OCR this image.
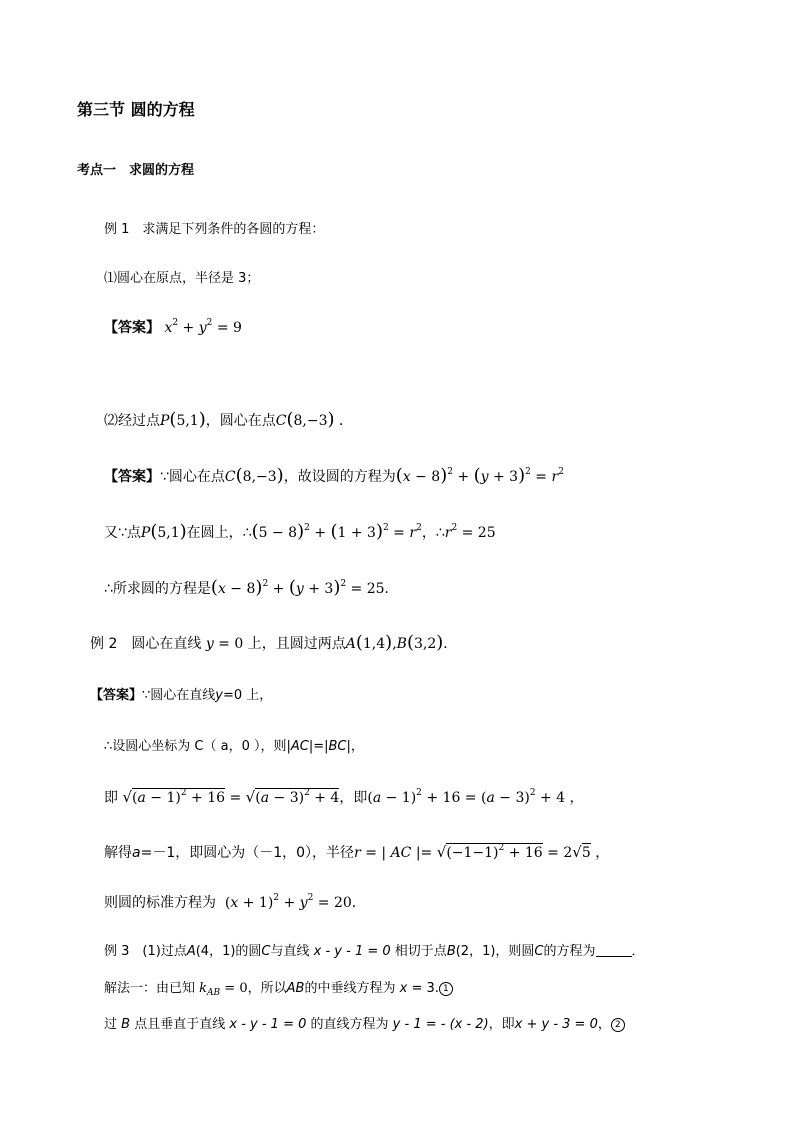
第三节 圆的方程
考点一　求圆的方程
例 1　求满足下列条件的各圆的方程：
⑴圆心在原点，半径是 3；
【答案】 $x^2 + y^2 = 9$
⑵经过点P(5,1)，圆心在点C(8,−3) ．
【答案】∵圆心在点C(8,−3)，故设圆的方程为$(x - 8)^2 + (y + 3)^2 = r^2$
又∵点P(5,1)在圆上，∴(5 − $8)^2 + (1 + 3)^2 = r^2$，$\therefore r^2 = 25$
∴所求圆的方程是$(x - 8)^2 + (y + 3)^2 = 25$．
例 2　圆心在直线 y = 0 上，且圆过两点A(1,4),B(3,2)．
【答案】∵圆心在直线y=0 上，
∴设圆心坐标为 C（ a，0 ），则|AC|=|BC|，
即 $√(a - 1)^2 + 16 = √(a - 3)^2 + 4$，即$(a - 1)^2 + 16 = (a - 3)^2 + 4$ ，
解得a=－1，即圆心为（－1，0），半径r = | AC |= $√(-1-1)^2 + 16 = 2√5$ ，
则圆的标准方程为 $(x + 1)^2 + y^2 = 20$．
例 3　(1)过点A(4，1)的圆C与直线 x - y - 1 = 0 相切于点B(2，1)，则圆C的方程为	．
解法一：由已知 $k_{AB} = 0$，所以AB的中垂线方程为 x = 3. 1
过 B 点且垂直于直线 x - y - 1 = 0 的直线方程为 y - 1 = - (x - 2)，即x + y - 3 = 0， 2
